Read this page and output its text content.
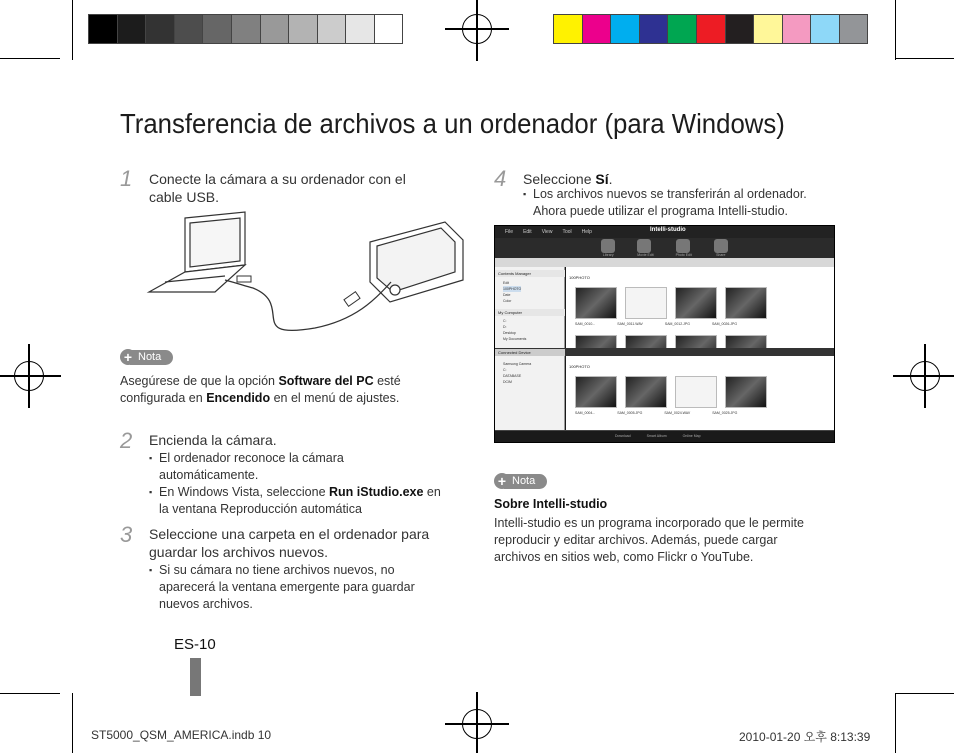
Transferencia de archivos a un ordenador (para Windows)
1 Conecte la cámara a su ordenador con el cable USB.
+ Nota
Asegúrese de que la opción Software del PC esté configurada en Encendido en el menú de ajustes.
2 Encienda la cámara.
▪ El ordenador reconoce la cámara automáticamente.
▪ En Windows Vista, seleccione Run iStudio.exe en la ventana Reproducción automática
3 Seleccione una carpeta en el ordenador para guardar los archivos nuevos.
▪ Si su cámara no tiene archivos nuevos, no aparecerá la ventana emergente para guardar nuevos archivos.
4 Seleccione Sí.
▪ Los archivos nuevos se transferirán al ordenador. Ahora puede utilizar el programa Intelli-studio.
File Edit View Tool Help	Intelli-studio
Library	Movie Edit	Photo Edit	Share
Contents Manager
Edit
100PHOTO
Date
Color
My Computer
C:
D:
Desktop
My Documents
100PHOTO
SAM_0010...	SAM_0011.WAV	SAM_0012.JPG	SAM_0026.JPG
Connected Device
Samsung Camera
C:
DATABASE
DCIM
100PHOTO
SAM_0004...	SAM_0005.JPG	SAM_0024.WAV	SAM_0025.JPG
Download	Smart Album	Online Map
+ Nota
Sobre Intelli-studio
Intelli-studio es un programa incorporado que le permite reproducir y editar archivos. Además, puede cargar archivos en sitios web, como Flickr o YouTube.
ES-10
ST5000_QSM_AMERICA.indb 10	2010-01-20 오후 8:13:39
